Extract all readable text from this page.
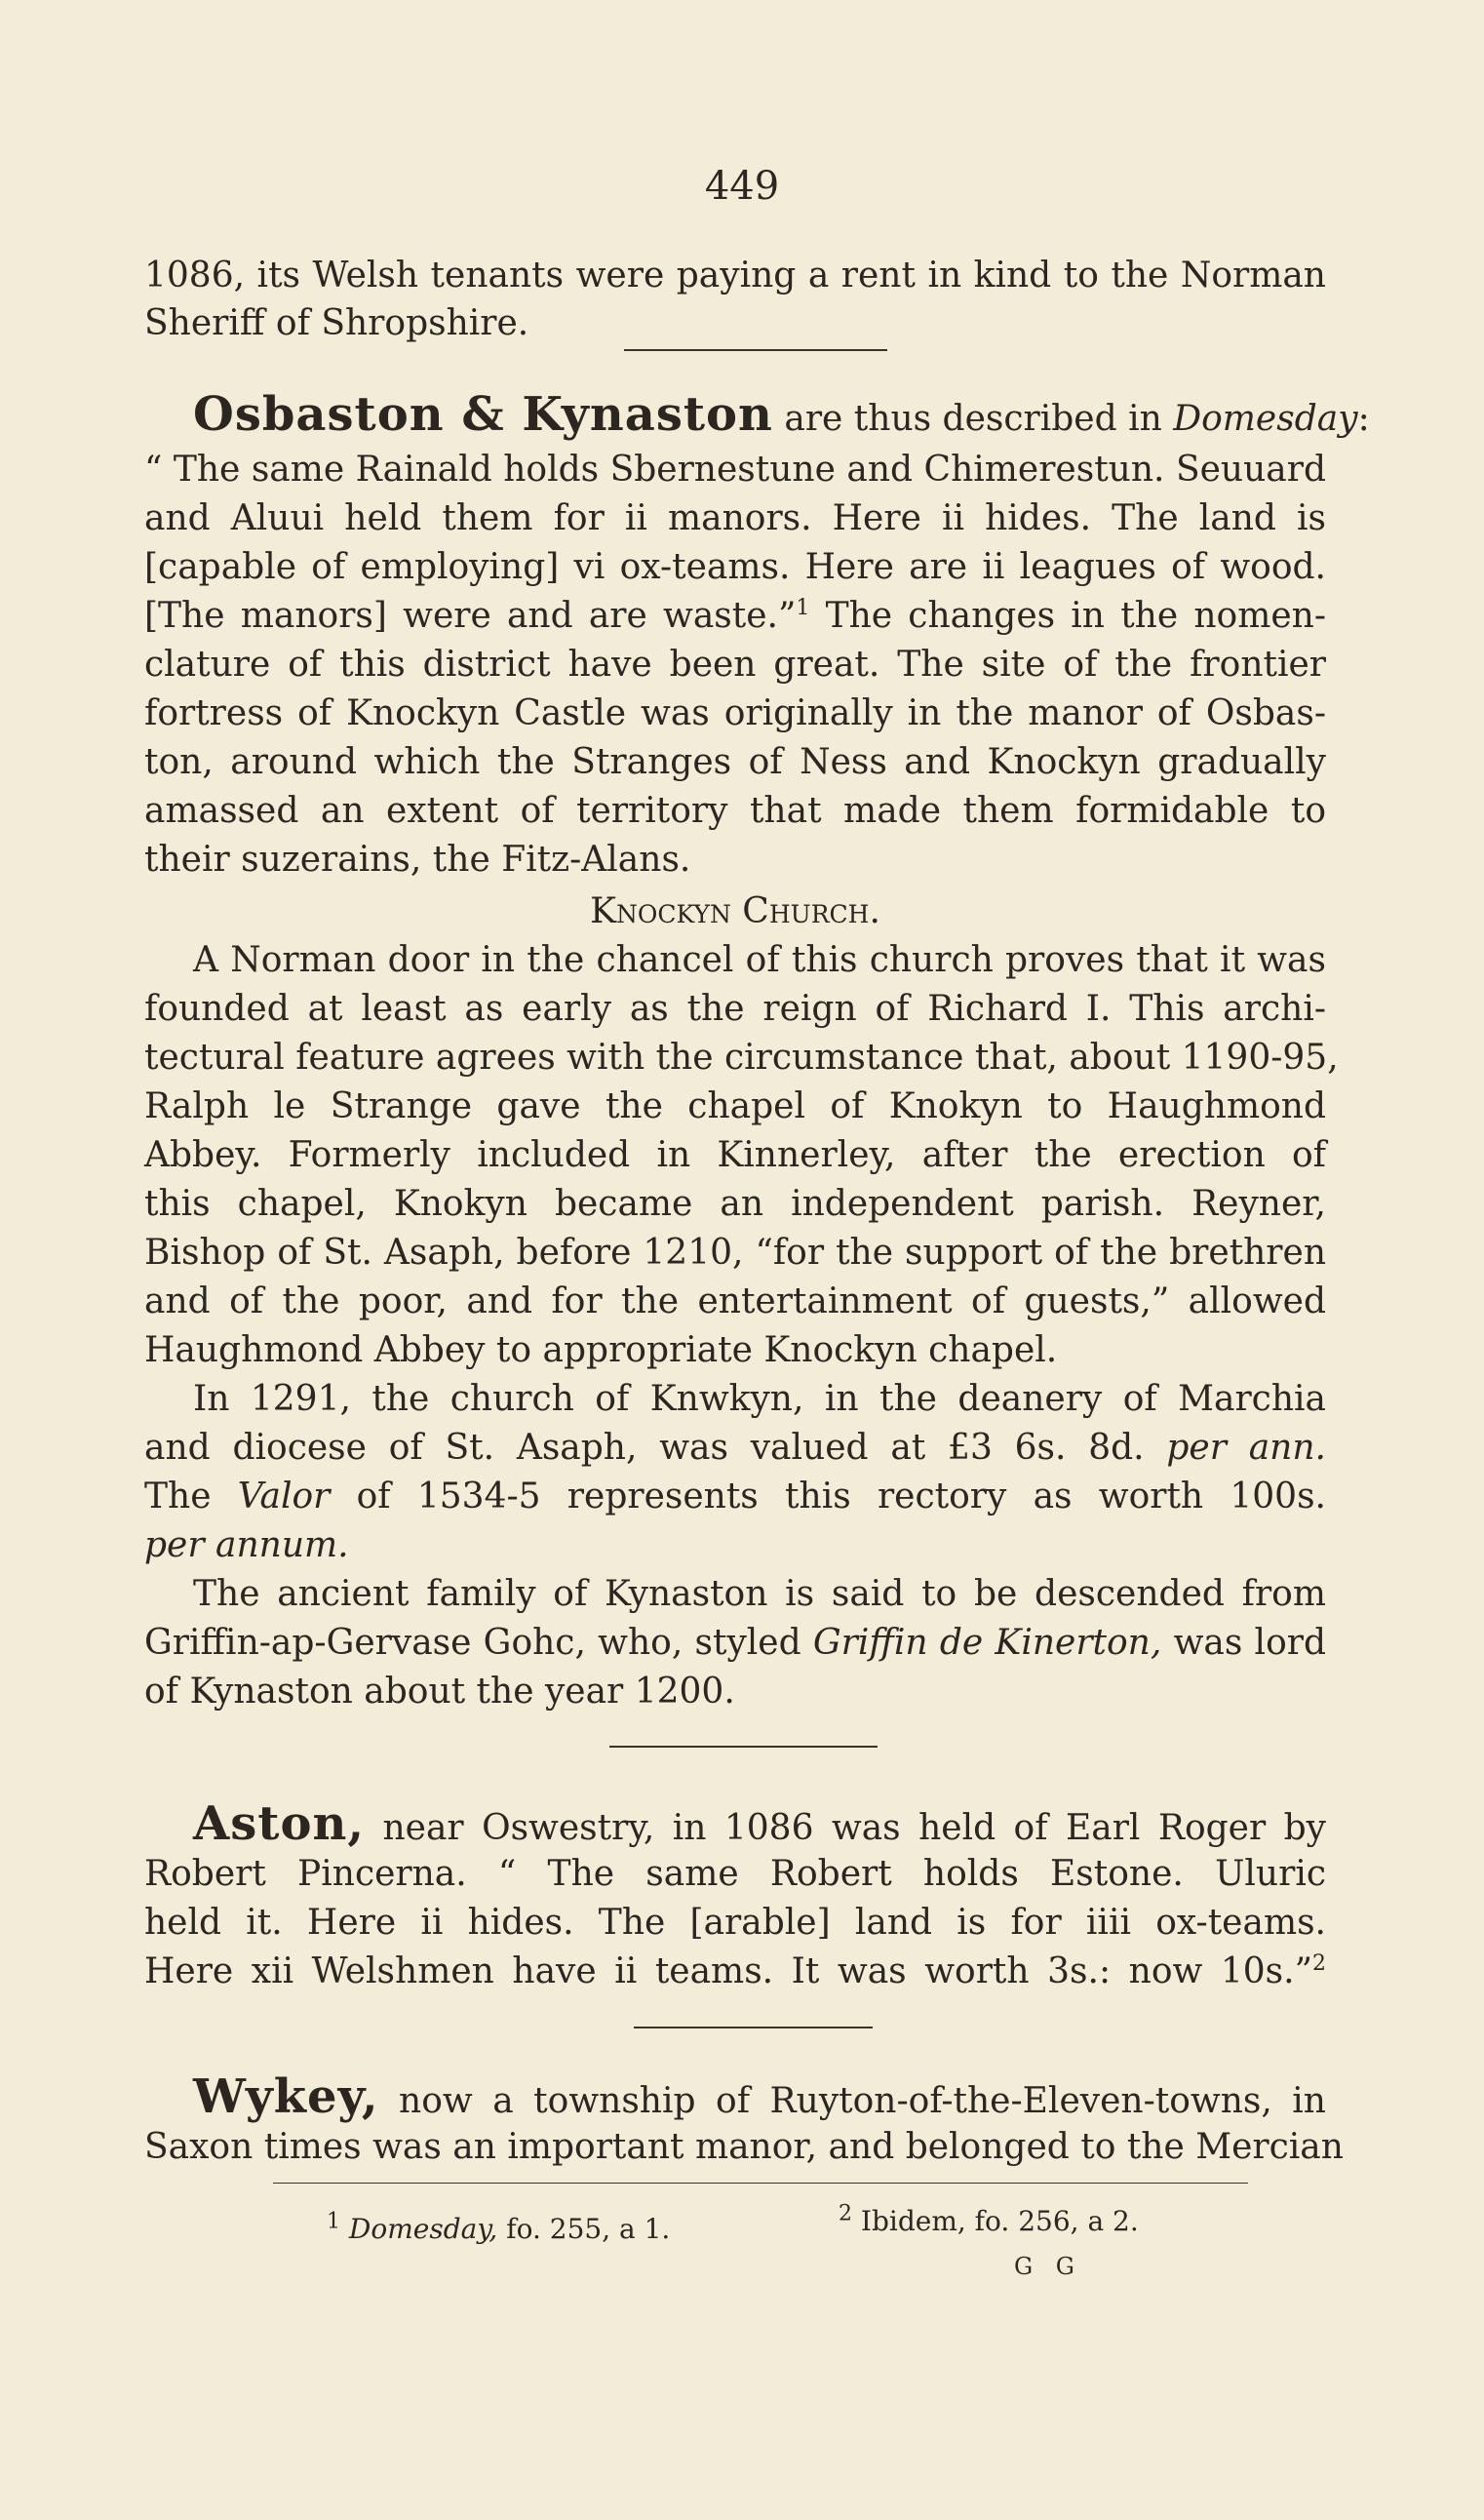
449
1086, its Welsh tenants were paying a rent in kind to the Norman
Sheriff of Shropshire.
Osbaston & Kynaston are thus described in Domesday:
“ The same Rainald holds Sbernestune and Chimerestun. Seuuard
and Aluui held them for ii manors. Here ii hides. The land is
[capable of employing] vi ox-teams. Here are ii leagues of wood.
[The manors] were and are waste.”$^1$ The changes in the nomen-
clature of this district have been great. The site of the frontier
fortress of Knockyn Castle was originally in the manor of Osbas-
ton, around which the Stranges of Ness and Knockyn gradually
amassed an extent of territory that made them formidable to
their suzerains, the Fitz-Alans.
Knockyn Church.
A Norman door in the chancel of this church proves that it was
founded at least as early as the reign of Richard I. This archi-
tectural feature agrees with the circumstance that, about 1190-95,
Ralph le Strange gave the chapel of Knokyn to Haughmond
Abbey. Formerly included in Kinnerley, after the erection of
this chapel, Knokyn became an independent parish. Reyner,
Bishop of St. Asaph, before 1210, “for the support of the brethren
and of the poor, and for the entertainment of guests,” allowed
Haughmond Abbey to appropriate Knockyn chapel.
In 1291, the church of Knwkyn, in the deanery of Marchia
and diocese of St. Asaph, was valued at £3 6s. 8d. per ann.
The Valor of 1534-5 represents this rectory as worth 100s.
per annum.
The ancient family of Kynaston is said to be descended from
Griffin-ap-Gervase Gohc, who, styled Griffin de Kinerton, was lord
of Kynaston about the year 1200.
Aston, near Oswestry, in 1086 was held of Earl Roger by
Robert Pincerna. “ The same Robert holds Estone. Uluric
held it. Here ii hides. The [arable] land is for iiii ox-teams.
Here xii Welshmen have ii teams. It was worth 3s.: now 10s.”$^2$
Wykey, now a township of Ruyton-of-the-Eleven-towns, in
Saxon times was an important manor, and belonged to the Mercian
$^1$ Domesday, fo. 255, a 1.	$^2$ Ibidem, fo. 256, a 2.
G G
